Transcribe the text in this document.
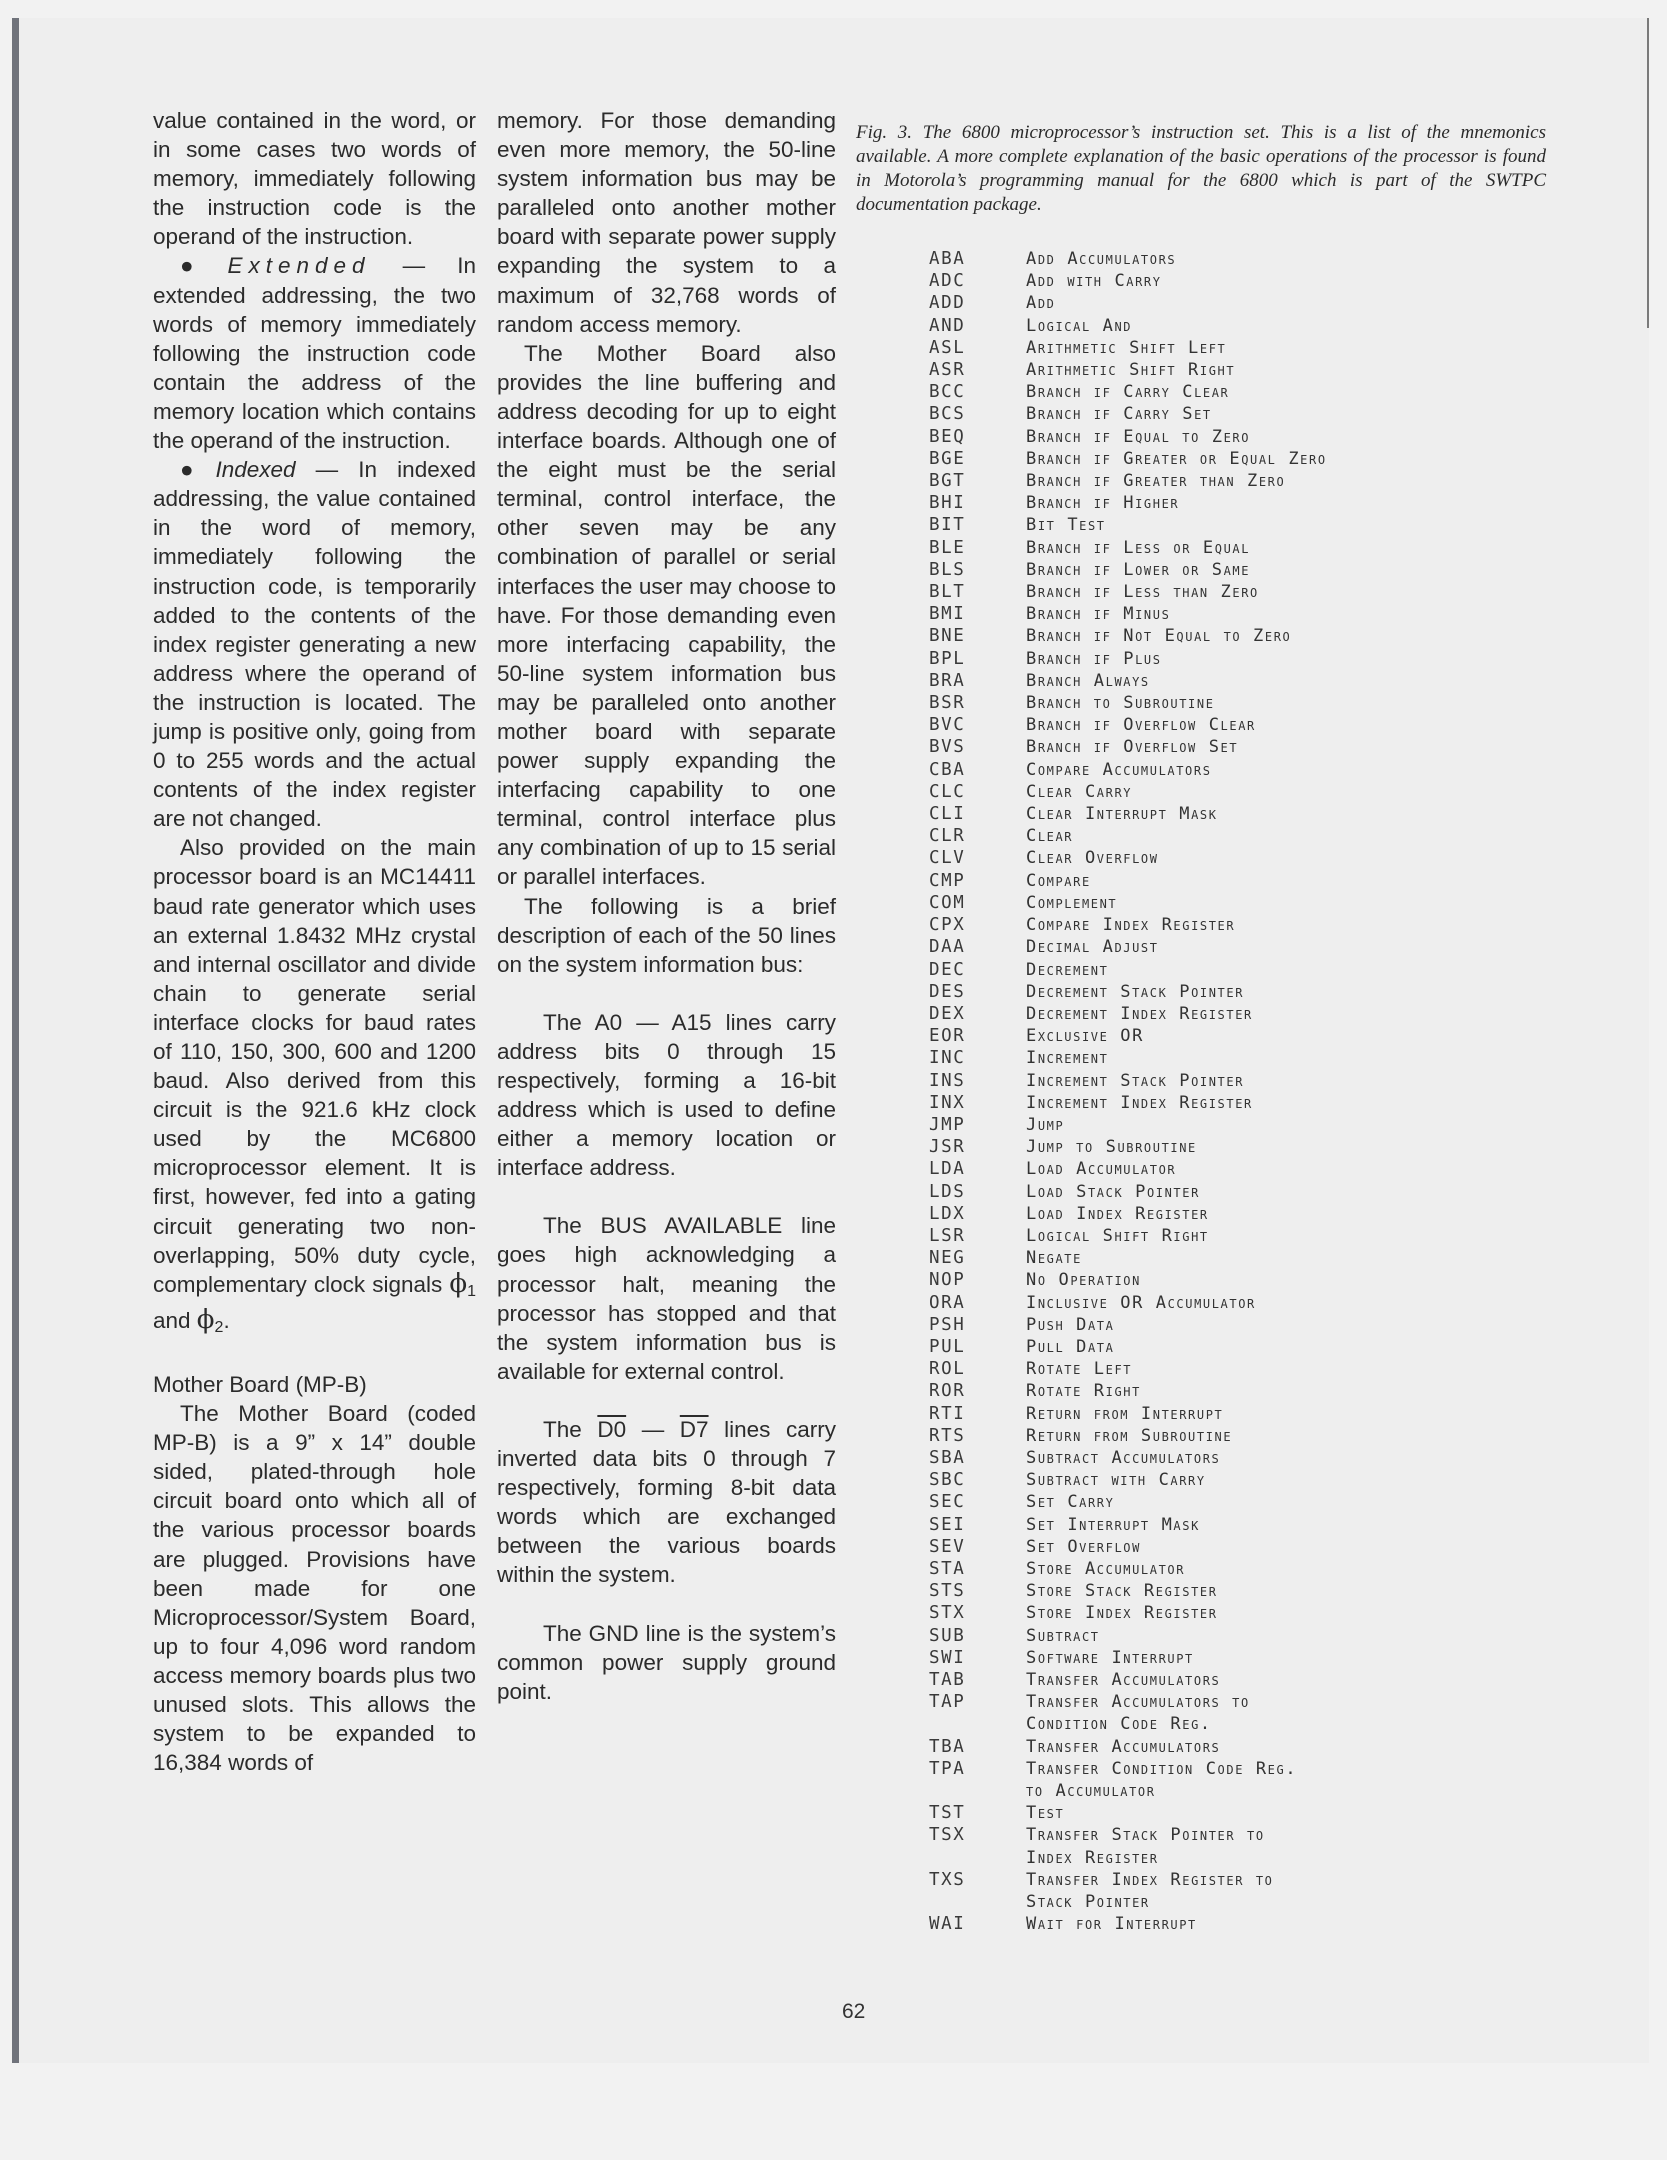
value contained in the word, or in some cases two words of memory, immediately following the instruction code is the operand of the instruction.

● Extended — In extended addressing, the two words of memory immediately following the instruction code contain the address of the memory location which contains the operand of the instruction.

● Indexed — In indexed addressing, the value contained in the word of memory, immediately following the instruction code, is temporarily added to the contents of the index register generating a new address where the operand of the instruction is located. The jump is positive only, going from 0 to 255 words and the actual contents of the index register are not changed.

Also provided on the main processor board is an MC14411 baud rate generator which uses an external 1.8432 MHz crystal and internal oscillator and divide chain to generate serial interface clocks for baud rates of 110, 150, 300, 600 and 1200 baud. Also derived from this circuit is the 921.6 kHz clock used by the MC6800 microprocessor element. It is first, however, fed into a gating circuit generating two non-overlapping, 50% duty cycle, complementary clock signals $\phi_1$ and $\phi_2$.

Mother Board (MP-B)

The Mother Board (coded MP-B) is a 9” x 14” double sided, plated-through hole circuit board onto which all of the various processor boards are plugged. Provisions have been made for one Microprocessor/System Board, up to four 4,096 word random access memory boards plus two unused slots. This allows the system to be expanded to 16,384 words of

memory. For those demanding even more memory, the 50-line system information bus may be paralleled onto another mother board with separate power supply expanding the system to a maximum of 32,768 words of random access memory.

The Mother Board also provides the line buffering and address decoding for up to eight interface boards. Although one of the eight must be the serial terminal, control interface, the other seven may be any combination of parallel or serial interfaces the user may choose to have. For those demanding even more interfacing capability, the 50-line system information bus may be paralleled onto another mother board with separate power supply expanding the interfacing capability to one terminal, control interface plus any combination of up to 15 serial or parallel interfaces.

The following is a brief description of each of the 50 lines on the system information bus:

The A0 — A15 lines carry address bits 0 through 15 respectively, forming a 16-bit address which is used to define either a memory location or interface address.

The BUS AVAILABLE line goes high acknowledging a processor halt, meaning the processor has stopped and that the system information bus is available for external control.

The D0 — D7 lines carry inverted data bits 0 through 7 respectively, forming 8-bit data words which are exchanged between the various boards within the system.

The GND line is the system’s common power supply ground point.

Fig. 3. The 6800 microprocessor’s instruction set. This is a list of the mnemonics available. A more complete explanation of the basic operations of the processor is found in Motorola’s programming manual for the 6800 which is part of the SWTPC documentation package.

ABA	Add Accumulators
ADC	Add with Carry
ADD	Add
AND	Logical And
ASL	Arithmetic Shift Left
ASR	Arithmetic Shift Right
BCC	Branch if Carry Clear
BCS	Branch if Carry Set
BEQ	Branch if Equal to Zero
BGE	Branch if Greater or Equal Zero
BGT	Branch if Greater than Zero
BHI	Branch if Higher
BIT	Bit Test
BLE	Branch if Less or Equal
BLS	Branch if Lower or Same
BLT	Branch if Less than Zero
BMI	Branch if Minus
BNE	Branch if Not Equal to Zero
BPL	Branch if Plus
BRA	Branch Always
BSR	Branch to Subroutine
BVC	Branch if Overflow Clear
BVS	Branch if Overflow Set
CBA	Compare Accumulators
CLC	Clear Carry
CLI	Clear Interrupt Mask
CLR	Clear
CLV	Clear Overflow
CMP	Compare
COM	Complement
CPX	Compare Index Register
DAA	Decimal Adjust
DEC	Decrement
DES	Decrement Stack Pointer
DEX	Decrement Index Register
EOR	Exclusive OR
INC	Increment
INS	Increment Stack Pointer
INX	Increment Index Register
JMP	Jump
JSR	Jump to Subroutine
LDA	Load Accumulator
LDS	Load Stack Pointer
LDX	Load Index Register
LSR	Logical Shift Right
NEG	Negate
NOP	No Operation
ORA	Inclusive OR Accumulator
PSH	Push Data
PUL	Pull Data
ROL	Rotate Left
ROR	Rotate Right
RTI	Return from Interrupt
RTS	Return from Subroutine
SBA	Subtract Accumulators
SBC	Subtract with Carry
SEC	Set Carry
SEI	Set Interrupt Mask
SEV	Set Overflow
STA	Store Accumulator
STS	Store Stack Register
STX	Store Index Register
SUB	Subtract
SWI	Software Interrupt
TAB	Transfer Accumulators
TAP	Transfer Accumulators to
Condition Code Reg.
TBA	Transfer Accumulators
TPA	Transfer Condition Code Reg.
to Accumulator
TST	Test
TSX	Transfer Stack Pointer to
Index Register
TXS	Transfer Index Register to
Stack Pointer
WAI	Wait for Interrupt
62
